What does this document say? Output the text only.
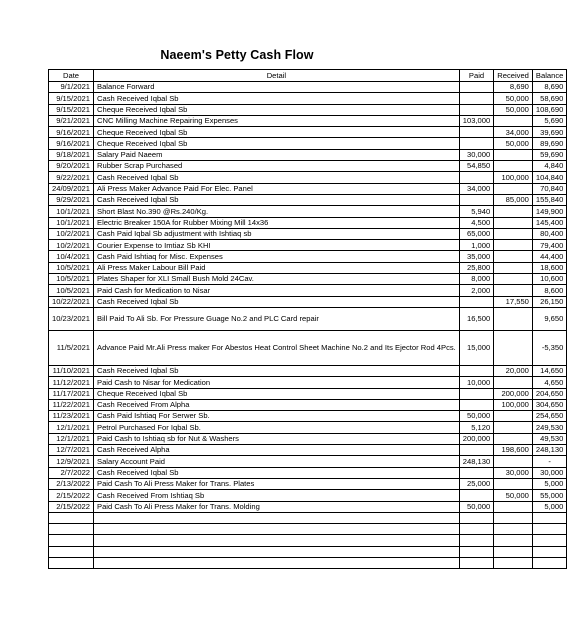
Naeem's Petty Cash Flow
Date	Detail	Paid	Received	Balance
9/1/2021	Balance Forward		8,690	8,690
9/15/2021	Cash Received Iqbal Sb		50,000	58,690
9/15/2021	Cheque Received Iqbal Sb		50,000	108,690
9/21/2021	CNC Milling Machine Repairing Expenses	103,000		5,690
9/16/2021	Cheque Received Iqbal Sb		34,000	39,690
9/16/2021	Cheque Received Iqbal Sb		50,000	89,690
9/18/2021	Salary Paid Naeem	30,000		59,690
9/20/2021	Rubber Scrap Purchased	54,850		4,840
9/22/2021	Cash Received Iqbal Sb		100,000	104,840
24/09/2021	Ali Press Maker Advance Paid For Elec. Panel	34,000		70,840
9/29/2021	Cash Received Iqbal Sb		85,000	155,840
10/1/2021	Short Blast No.390 @Rs.240/Kg.	5,940		149,900
10/1/2021	Electric Breaker 150A for Rubber Mixing Mill 14x36	4,500		145,400
10/2/2021	Cash Paid Iqbal Sb adjustment with Ishtiaq sb	65,000		80,400
10/2/2021	Courier Expense to Imtiaz Sb KHI	1,000		79,400
10/4/2021	Cash Paid Ishtiaq for Misc. Expenses	35,000		44,400
10/5/2021	Ali Press Maker Labour Bill Paid	25,800		18,600
10/5/2021	Plates Shaper for XLI Small Bush Mold 24Cav.	8,000		10,600
10/5/2021	Paid Cash for Medication to Nisar	2,000		8,600
10/22/2021	Cash Received Iqbal Sb		17,550	26,150
10/23/2021	Bill Paid To Ali Sb. For Pressure Guage No.2 and PLC Card repair	16,500		9,650
11/5/2021	Advance Paid Mr.Ali Press maker For Abestos Heat Control Sheet Machine No.2 and Its Ejector Rod 4Pcs.	15,000		-5,350
11/10/2021	Cash Received Iqbal Sb		20,000	14,650
11/12/2021	Paid Cash to Nisar for Medication	10,000		4,650
11/17/2021	Cheque Received Iqbal Sb		200,000	204,650
11/22/2021	Cash Received From Alpha		100,000	304,650
11/23/2021	Cash Paid Ishtiaq For Serwer Sb.	50,000		254,650
12/1/2021	Petrol Purchased For Iqbal Sb.	5,120		249,530
12/1/2021	Paid Cash to Ishtiaq sb for Nut & Washers	200,000		49,530
12/7/2021	Cash Received Alpha		198,600	248,130
12/9/2021	Salary Account Paid	248,130		-
2/7/2022	Cash Received Iqbal Sb		30,000	30,000
2/13/2022	Paid Cash To Ali Press Maker for Trans. Plates	25,000		5,000
2/15/2022	Cash Received From Ishtiaq Sb		50,000	55,000
2/15/2022	Paid Cash To Ali Press Maker for Trans. Molding	50,000		5,000
